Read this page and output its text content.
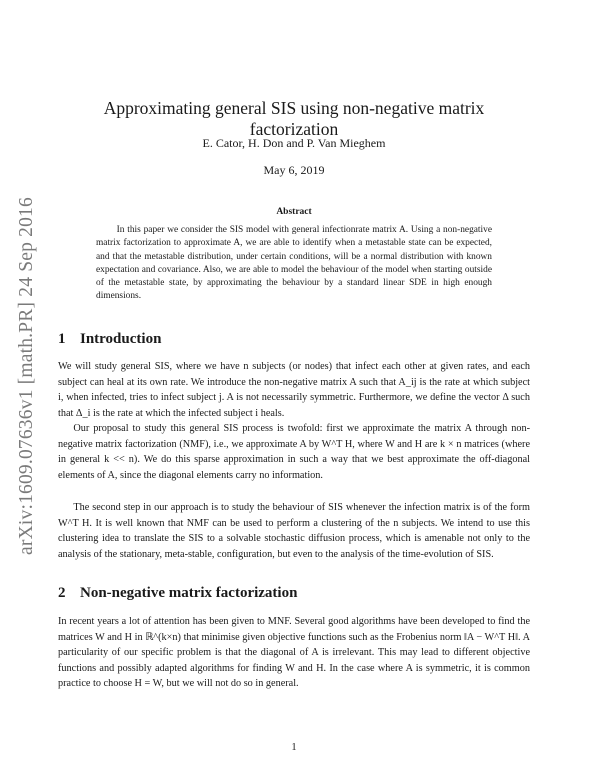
arXiv:1609.07636v1 [math.PR] 24 Sep 2016
Approximating general SIS using non-negative matrix factorization
E. Cator, H. Don and P. Van Mieghem
May 6, 2019
Abstract

In this paper we consider the SIS model with general infectionrate matrix A. Using a non-negative matrix factorization to approximate A, we are able to identify when a metastable state can be expected, and that the metastable distribution, under certain conditions, will be a normal distribution with known expectation and covariance. Also, we are able to model the behaviour of the model when starting outside of the metastable state, by approximating the behaviour by a standard linear SDE in high enough dimensions.

1 Introduction

We will study general SIS, where we have n subjects (or nodes) that infect each other at given rates, and each subject can heal at its own rate. We introduce the non-negative matrix A such that A_ij is the rate at which subject i, when infected, tries to infect subject j. A is not necessarily symmetric. Furthermore, we define the vector Δ such that Δ_i is the rate at which the infected subject i heals.

Our proposal to study this general SIS process is twofold: first we approximate the matrix A through non-negative matrix factorization (NMF), i.e., we approximate A by W^T H, where W and H are k × n matrices (where in general k << n). We do this sparse approximation in such a way that we best approximate the off-diagonal elements of A, since the diagonal elements carry no information.

The second step in our approach is to study the behaviour of SIS whenever the infection matrix is of the form W^T H. It is well known that NMF can be used to perform a clustering of the n subjects. We intend to use this clustering idea to translate the SIS to a solvable stochastic diffusion process, which is amenable not only to the analysis of the stationary, meta-stable, configuration, but even to the analysis of the time-evolution of SIS.

2 Non-negative matrix factorization

In recent years a lot of attention has been given to MNF. Several good algorithms have been developed to find the matrices W and H in ℝ^(k×n) that minimise given objective functions such as the Frobenius norm ‖A − W^T H‖. A particularity of our specific problem is that the diagonal of A is irrelevant. This may lead to different objective functions and possibly adapted algorithms for finding W and H. In the case where A is symmetric, it is common practice to choose H = W, but we will not do so in general.

1
